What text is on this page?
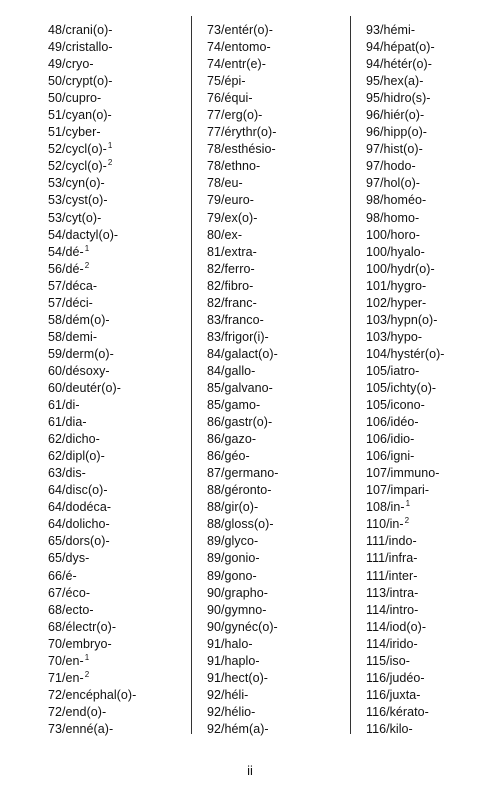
48/crani(o)-
49/cristallo-
49/cryo-
50/crypt(o)-
50/cupro-
51/cyan(o)-
51/cyber-
52/cycl(o)-$^1$
52/cycl(o)-$^2$
53/cyn(o)-
53/cyst(o)-
53/cyt(o)-
54/dactyl(o)-
54/dé-$^1$
56/dé-$^2$
57/déca-
57/déci-
58/dém(o)-
58/demi-
59/derm(o)-
60/désoxy-
60/deutér(o)-
61/di-
61/dia-
62/dicho-
62/dipl(o)-
63/dis-
64/disc(o)-
64/dodéca-
64/dolicho-
65/dors(o)-
65/dys-
66/é-
67/éco-
68/ecto-
68/électr(o)-
70/embryo-
70/en-$^1$
71/en-$^2$
72/encéphal(o)-
72/end(o)-
73/enné(a)-
73/entér(o)-
74/entomo-
74/entr(e)-
75/épi-
76/équi-
77/erg(o)-
77/érythr(o)-
78/esthésio-
78/ethno-
78/eu-
79/euro-
79/ex(o)-
80/ex-
81/extra-
82/ferro-
82/fibro-
82/franc-
83/franco-
83/frigor(i)-
84/galact(o)-
84/gallo-
85/galvano-
85/gamo-
86/gastr(o)-
86/gazo-
86/géo-
87/germano-
88/géronto-
88/gir(o)-
88/gloss(o)-
89/glyco-
89/gonio-
89/gono-
90/grapho-
90/gymno-
90/gynéc(o)-
91/halo-
91/haplo-
91/hect(o)-
92/héli-
92/hélio-
92/hém(a)-
93/hémi-
94/hépat(o)-
94/hétér(o)-
95/hex(a)-
95/hidro(s)-
96/hiér(o)-
96/hipp(o)-
97/hist(o)-
97/hodo-
97/hol(o)-
98/homéo-
98/homo-
100/horo-
100/hyalo-
100/hydr(o)-
101/hygro-
102/hyper-
103/hypn(o)-
103/hypo-
104/hystér(o)-
105/iatro-
105/ichty(o)-
105/icono-
106/idéo-
106/idio-
106/igni-
107/immuno-
107/impari-
108/in-$^1$
110/in-$^2$
111/indo-
111/infra-
111/inter-
113/intra-
114/intro-
114/iod(o)-
114/irido-
115/iso-
116/judéo-
116/juxta-
116/kérato-
116/kilo-
ii
